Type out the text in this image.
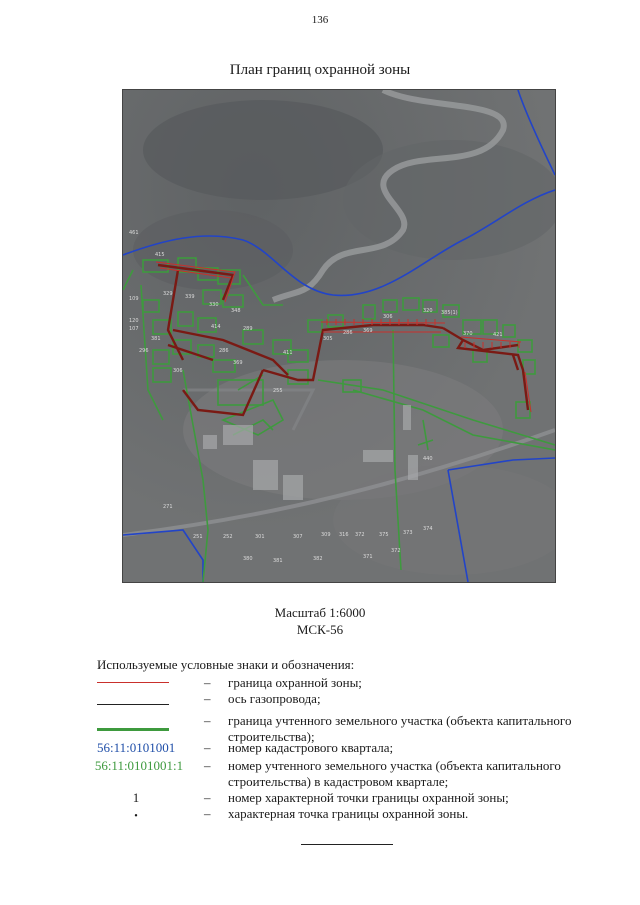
136
План границ охранной зоны
461
415
109
107
120
329 339
330
348
414
381
289
411
305
286 369
306
320 385(1)
370	421
296	286
369
255
306
271
251	252	301	307	309 316 372	375	373
374
380	381	382	371
372
440
Масштаб 1:6000
МСК-56
Используемые условные знаки и обозначения:
– граница охранной зоны;
– ось газопровода;
– граница учтенного земельного участка (объекта капитального строительства);
56:11:0101001 – номер кадастрового квартала;
56:11:0101001:1 – номер учтенного земельного участка (объекта капитального строительства) в кадастровом квартале;
1	– номер характерной точки границы охранной зоны;
•	– характерная точка границы охранной зоны.
